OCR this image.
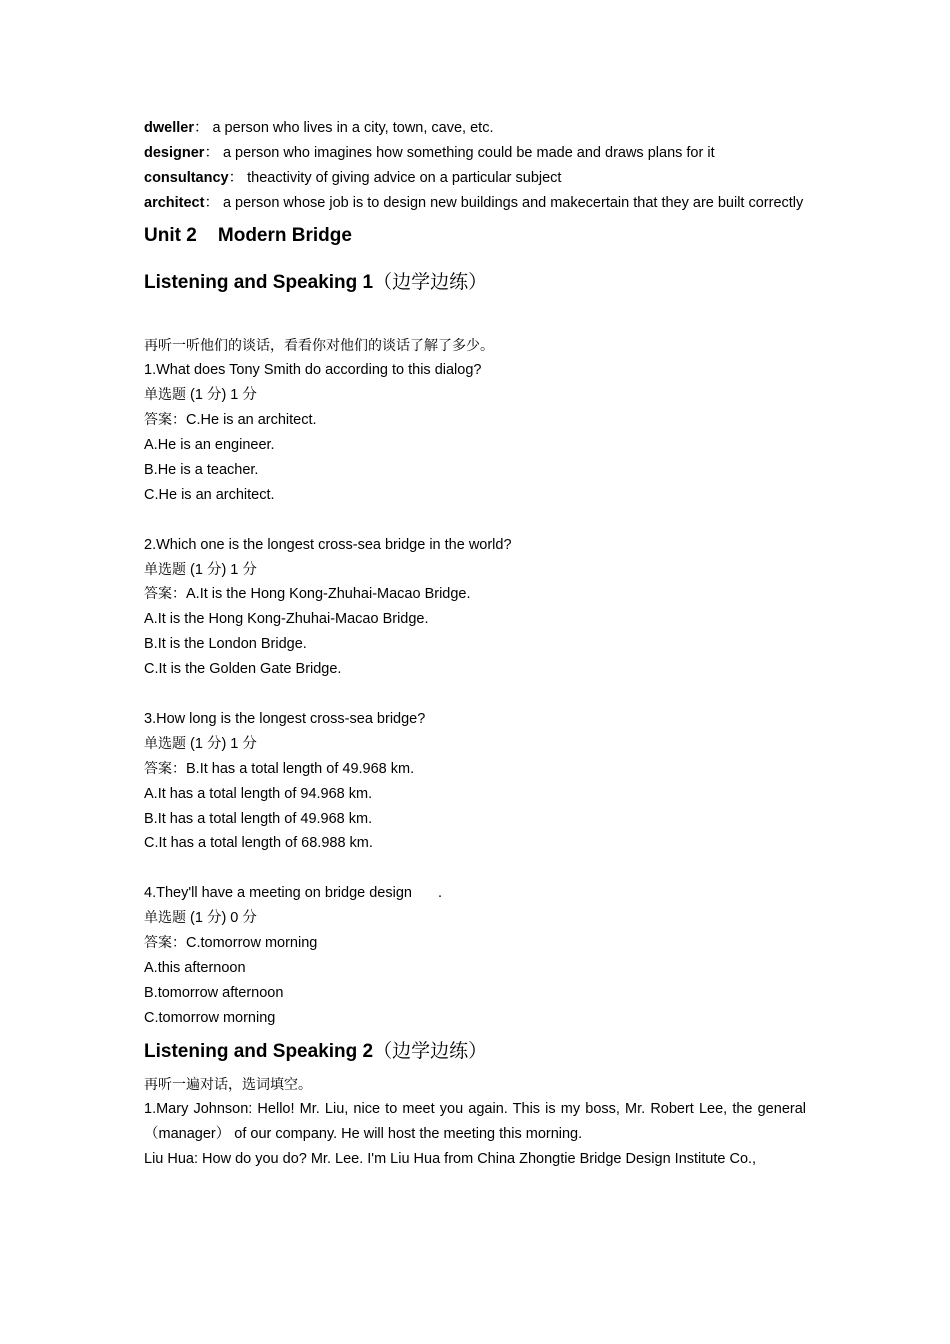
dweller： a person who lives in a city, town, cave, etc.
designer： a person who imagines how something could be made and draws plans for it
consultancy： theactivity of giving advice on a particular subject
architect： a person whose job is to design new buildings and makecertain that they are built correctly
Unit 2    Modern Bridge
Listening and Speaking 1（边学边练）
再听一听他们的谈话，看看你对他们的谈话了解了多少。
1.What does Tony Smith do according to this dialog?
单选题 (1 分) 1 分
答案：C.He is an architect.
A.He is an engineer.
B.He is a teacher.
C.He is an architect.
2.Which one is the longest cross-sea bridge in the world?
单选题 (1 分) 1 分
答案：A.It is the Hong Kong-Zhuhai-Macao Bridge.
A.It is the Hong Kong-Zhuhai-Macao Bridge.
B.It is the London Bridge.
C.It is the Golden Gate Bridge.
3.How long is the longest cross-sea bridge?
单选题 (1 分) 1 分
答案：B.It has a total length of 49.968 km.
A.It has a total length of 94.968 km.
B.It has a total length of 49.968 km.
C.It has a total length of 68.988 km.
4.They'll have a meeting on bridge design .
单选题 (1 分) 0 分
答案：C.tomorrow morning
A.this afternoon
B.tomorrow afternoon
C.tomorrow morning
Listening and Speaking 2（边学边练）
再听一遍对话，选词填空。
1.Mary Johnson: Hello! Mr. Liu, nice to meet you again. This is my boss, Mr. Robert Lee, the general（manager） of our company. He will host the meeting this morning.
Liu Hua: How do you do? Mr. Lee. I'm Liu Hua from China Zhongtie Bridge Design Institute Co.,
